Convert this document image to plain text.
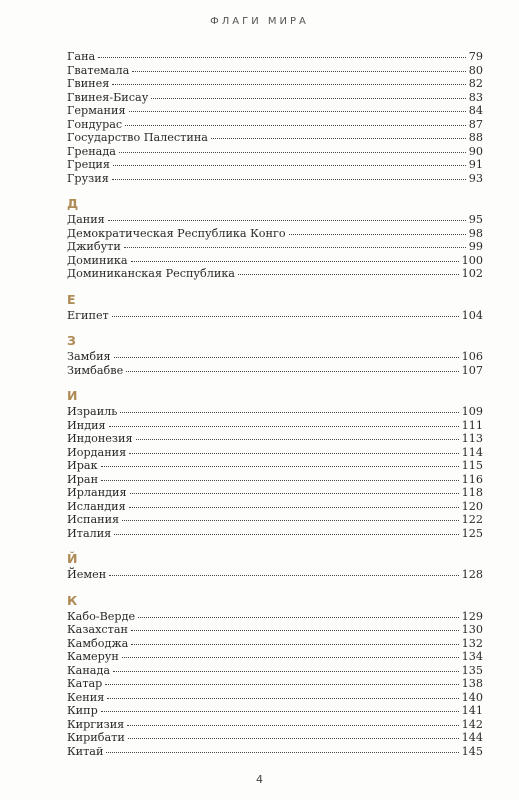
ФЛАГИ МИРА
Гана	79
Гватемала	80
Гвинея	82
Гвинея-Бисау	83
Германия	84
Гондурас	87
Государство Палестина	88
Гренада	90
Греция	91
Грузия	93
Д
Дания	95
Демократическая Республика Конго	98
Джибути	99
Доминика	100
Доминиканская Республика	102
Е
Египет	104
З
Замбия	106
Зимбабве	107
И
Израиль	109
Индия	111
Индонезия	113
Иордания	114
Ирак	115
Иран	116
Ирландия	118
Исландия	120
Испания	122
Италия	125
Й
Йемен	128
К
Кабо-Верде	129
Казахстан	130
Камбоджа	132
Камерун	134
Канада	135
Катар	138
Кения	140
Кипр	141
Киргизия	142
Кирибати	144
Китай	145
4
